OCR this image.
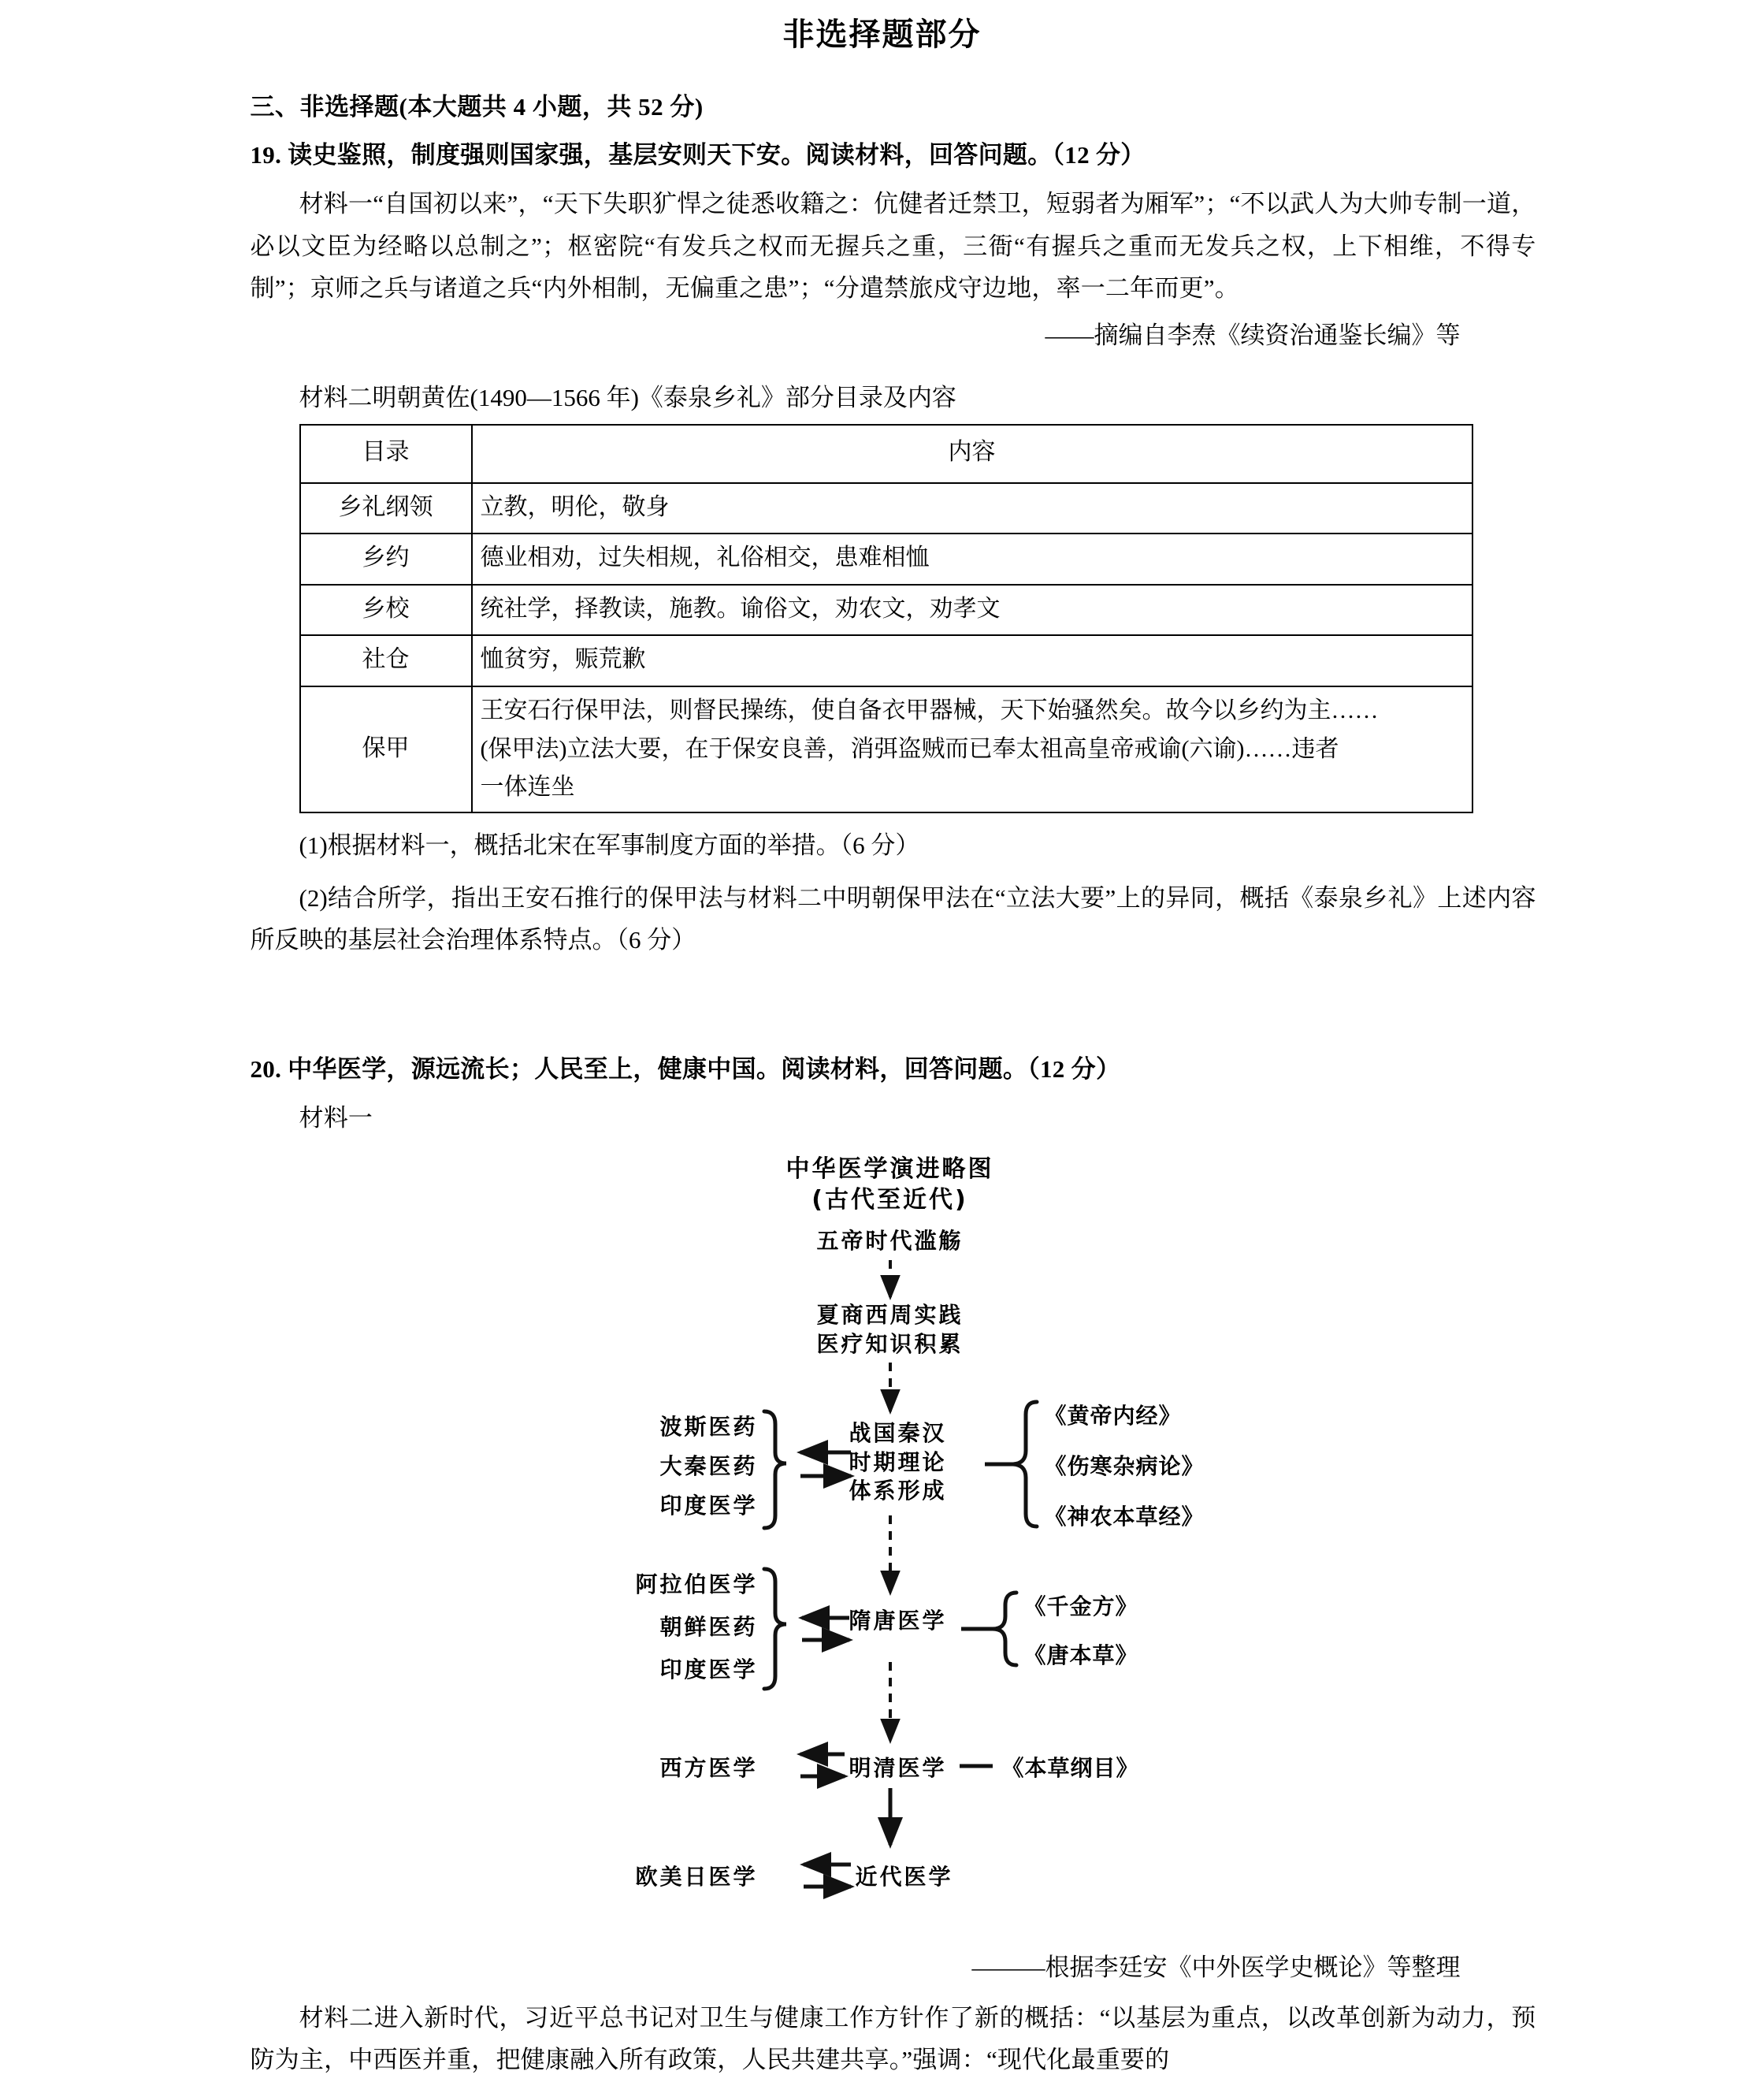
非选择题部分
三、非选择题(本大题共 4 小题，共 52 分)
19. 读史鉴照，制度强则国家强，基层安则天下安。阅读材料，回答问题。（12 分）
材料一“自国初以来”，“天下失职犷悍之徒悉收籍之：伉健者迁禁卫，短弱者为厢军”；“不以武人为大帅专制一道，必以文臣为经略以总制之”；枢密院“有发兵之权而无握兵之重，三衙“有握兵之重而无发兵之权，上下相维，不得专制”；京师之兵与诸道之兵“内外相制，无偏重之患”；“分遣禁旅戍守边地，率一二年而更”。
——摘编自李焘《续资治通鉴长编》等
材料二明朝黄佐(1490—1566 年)《泰泉乡礼》部分目录及内容
目录	内容
乡礼纲领	立教，明伦，敬身
乡约	德业相劝，过失相规，礼俗相交，患难相恤
乡校	统社学，择教读，施教。谕俗文，劝农文，劝孝文
社仓	恤贫穷，赈荒歉
保甲	王安石行保甲法，则督民操练，使自备衣甲器械，天下始骚然矣。故今以乡约为主……
(保甲法)立法大要，在于保安良善，消弭盗贼而已奉太祖高皇帝戒谕(六谕)……违者
一体连坐
(1)根据材料一，概括北宋在军事制度方面的举措。（6 分）
(2)结合所学，指出王安石推行的保甲法与材料二中明朝保甲法在“立法大要”上的异同，概括《泰泉乡礼》上述内容所反映的基层社会治理体系特点。（6 分）
20. 中华医学，源远流长；人民至上，健康中国。阅读材料，回答问题。（12 分）
材料一
中华医学演进略图
(古代至近代)
五帝时代滥觞
夏商西周实践
医疗知识积累
战国秦汉
时期理论
体系形成
隋唐医学
明清医学
近代医学
波斯医药
大秦医药
印度医学
阿拉伯医学
朝鲜医药
印度医学
西方医学
欧美日医学
《黄帝内经》
《伤寒杂病论》
《神农本草经》
《千金方》
《唐本草》
《本草纲目》
———根据李廷安《中外医学史概论》等整理
材料二进入新时代，习近平总书记对卫生与健康工作方针作了新的概括：“以基层为重点，以改革创新为动力，预防为主，中西医并重，把健康融入所有政策，人民共建共享。”强调：“现代化最重要的
